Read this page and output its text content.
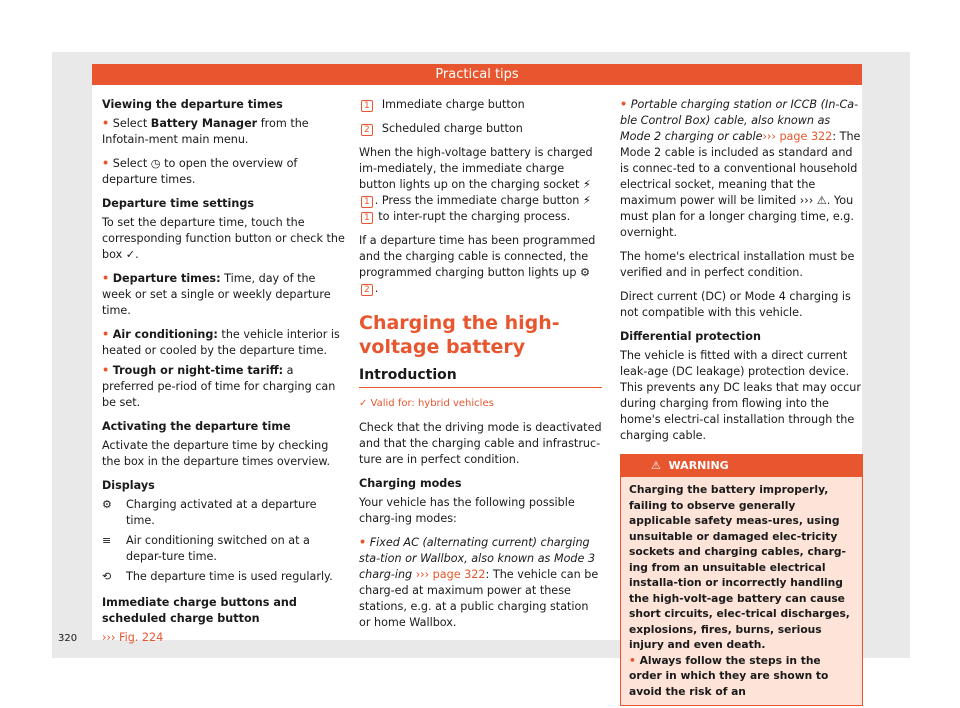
Practical tips

Viewing the departure times

• Select Battery Manager from the Infotain-ment main menu.

• Select ◷ to open the overview of departure times.

Departure time settings

To set the departure time, touch the corresponding function button or check the box ✓.

• Departure times: Time, day of the week or set a single or weekly departure time.

• Air conditioning: the vehicle interior is heated or cooled by the departure time.

• Trough or night-time tariff: a preferred pe-riod of time for charging can be set.

Activating the departure time

Activate the departure time by checking the box in the departure times overview.

Displays

⚙	Charging activated at a departure time.
≡	Air conditioning switched on at a depar-ture time.
⟲	The departure time is used regularly.

Immediate charge buttons and scheduled charge button

››› Fig. 224

1 Immediate charge button

2 Scheduled charge button

When the high-voltage battery is charged im-mediately, the immediate charge button lights up on the charging socket ⚡ 1 . Press the immediate charge button ⚡ 1 to inter-rupt the charging process.

If a departure time has been programmed and the charging cable is connected, the programmed charging button lights up ⚙ 2 .

Charging the high-voltage battery

Introduction

✓ Valid for: hybrid vehicles

Check that the driving mode is deactivated and that the charging cable and infrastruc-ture are in perfect condition.

Charging modes

Your vehicle has the following possible charg-ing modes:

• Fixed AC (alternating current) charging sta-tion or Wallbox, also known as Mode 3 charg-ing ››› page 322: The vehicle can be charg-ed at maximum power at these stations, e.g. at a public charging station or home Wallbox.

• Portable charging station or ICCB (In-Ca-ble Control Box) cable, also known as Mode 2 charging or cable››› page 322: The Mode 2 cable is included as standard and is connec-ted to a conventional household electrical socket, meaning that the maximum power will be limited ››› ⚠. You must plan for a longer charging time, e.g. overnight.

The home's electrical installation must be verified and in perfect condition.

Direct current (DC) or Mode 4 charging is not compatible with this vehicle.

Differential protection

The vehicle is fitted with a direct current leak-age (DC leakage) protection device. This prevents any DC leaks that may occur during charging from flowing into the home's electri-cal installation through the charging cable.

⚠ WARNING
Charging the battery improperly, failing to observe generally applicable safety meas-ures, using unsuitable or damaged elec-tricity sockets and charging cables, charg-ing from an unsuitable electrical installa-tion or incorrectly handling the high-volt-age battery can cause short circuits, elec-trical discharges, explosions, fires, burns, serious injury and even death.
• Always follow the steps in the order in which they are shown to avoid the risk of an
320
